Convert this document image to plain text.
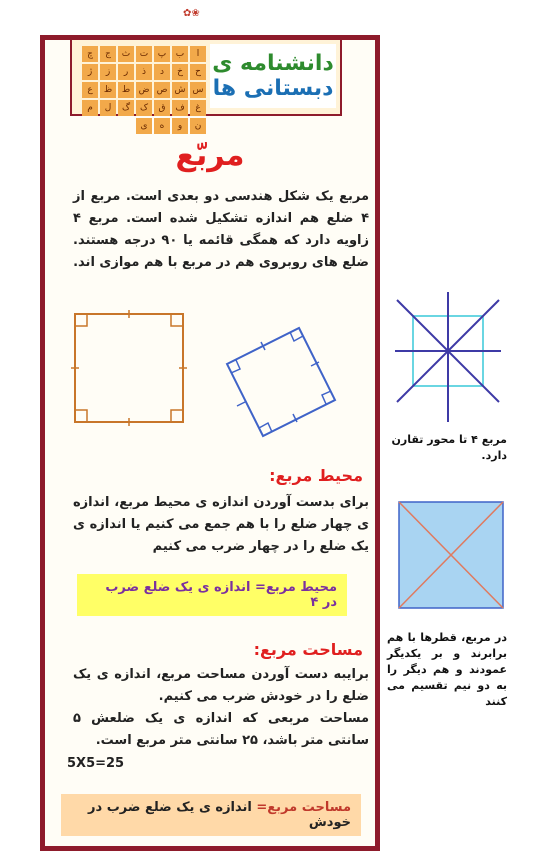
✿❀
ا
ب
پ
ت
ث
ج
چ
ح
خ
د
ذ
ر
ز
ژ
س
ش
ص
ض
ط
ظ
ع
غ
ف
ق
ک
گ
ل
م
ن
و
ه
ی
دانشنامه ی
دبستانی ها
مربّع
مربع یک شکل هندسی دو بعدی است. مربع از ۴ ضلع هم اندازه تشکیل شده است. مربع ۴ زاویه دارد که همگی قائمه یا ۹۰ درجه هستند. ضلع های روبروی هم در مربع با هم موازی اند.
محیط مربع:
برای بدست آوردن اندازه ی محیط مربع، اندازه ی چهار ضلع را با هم جمع می کنیم یا اندازه ی یک ضلع را در چهار ضرب می کنیم
محیط مربع= اندازه ی یک ضلع ضرب در ۴
مساحت مربع:
برایبه دست آوردن مساحت مربع، اندازه ی یک ضلع را در خودش ضرب می کنیم.
مساحت مربعی که اندازه ی یک ضلعش ۵ سانتی متر باشد، ۲۵ سانتی متر مربع است.
5X5=25
مساحت مربع= اندازه ی یک ضلع ضرب در خودش
مربع ۴ تا محور تقارن دارد.
در مربع، قطرها با هم برابرند و بر یکدیگر عمودند و هم دیگر را به دو نیم تقسیم می کنند
